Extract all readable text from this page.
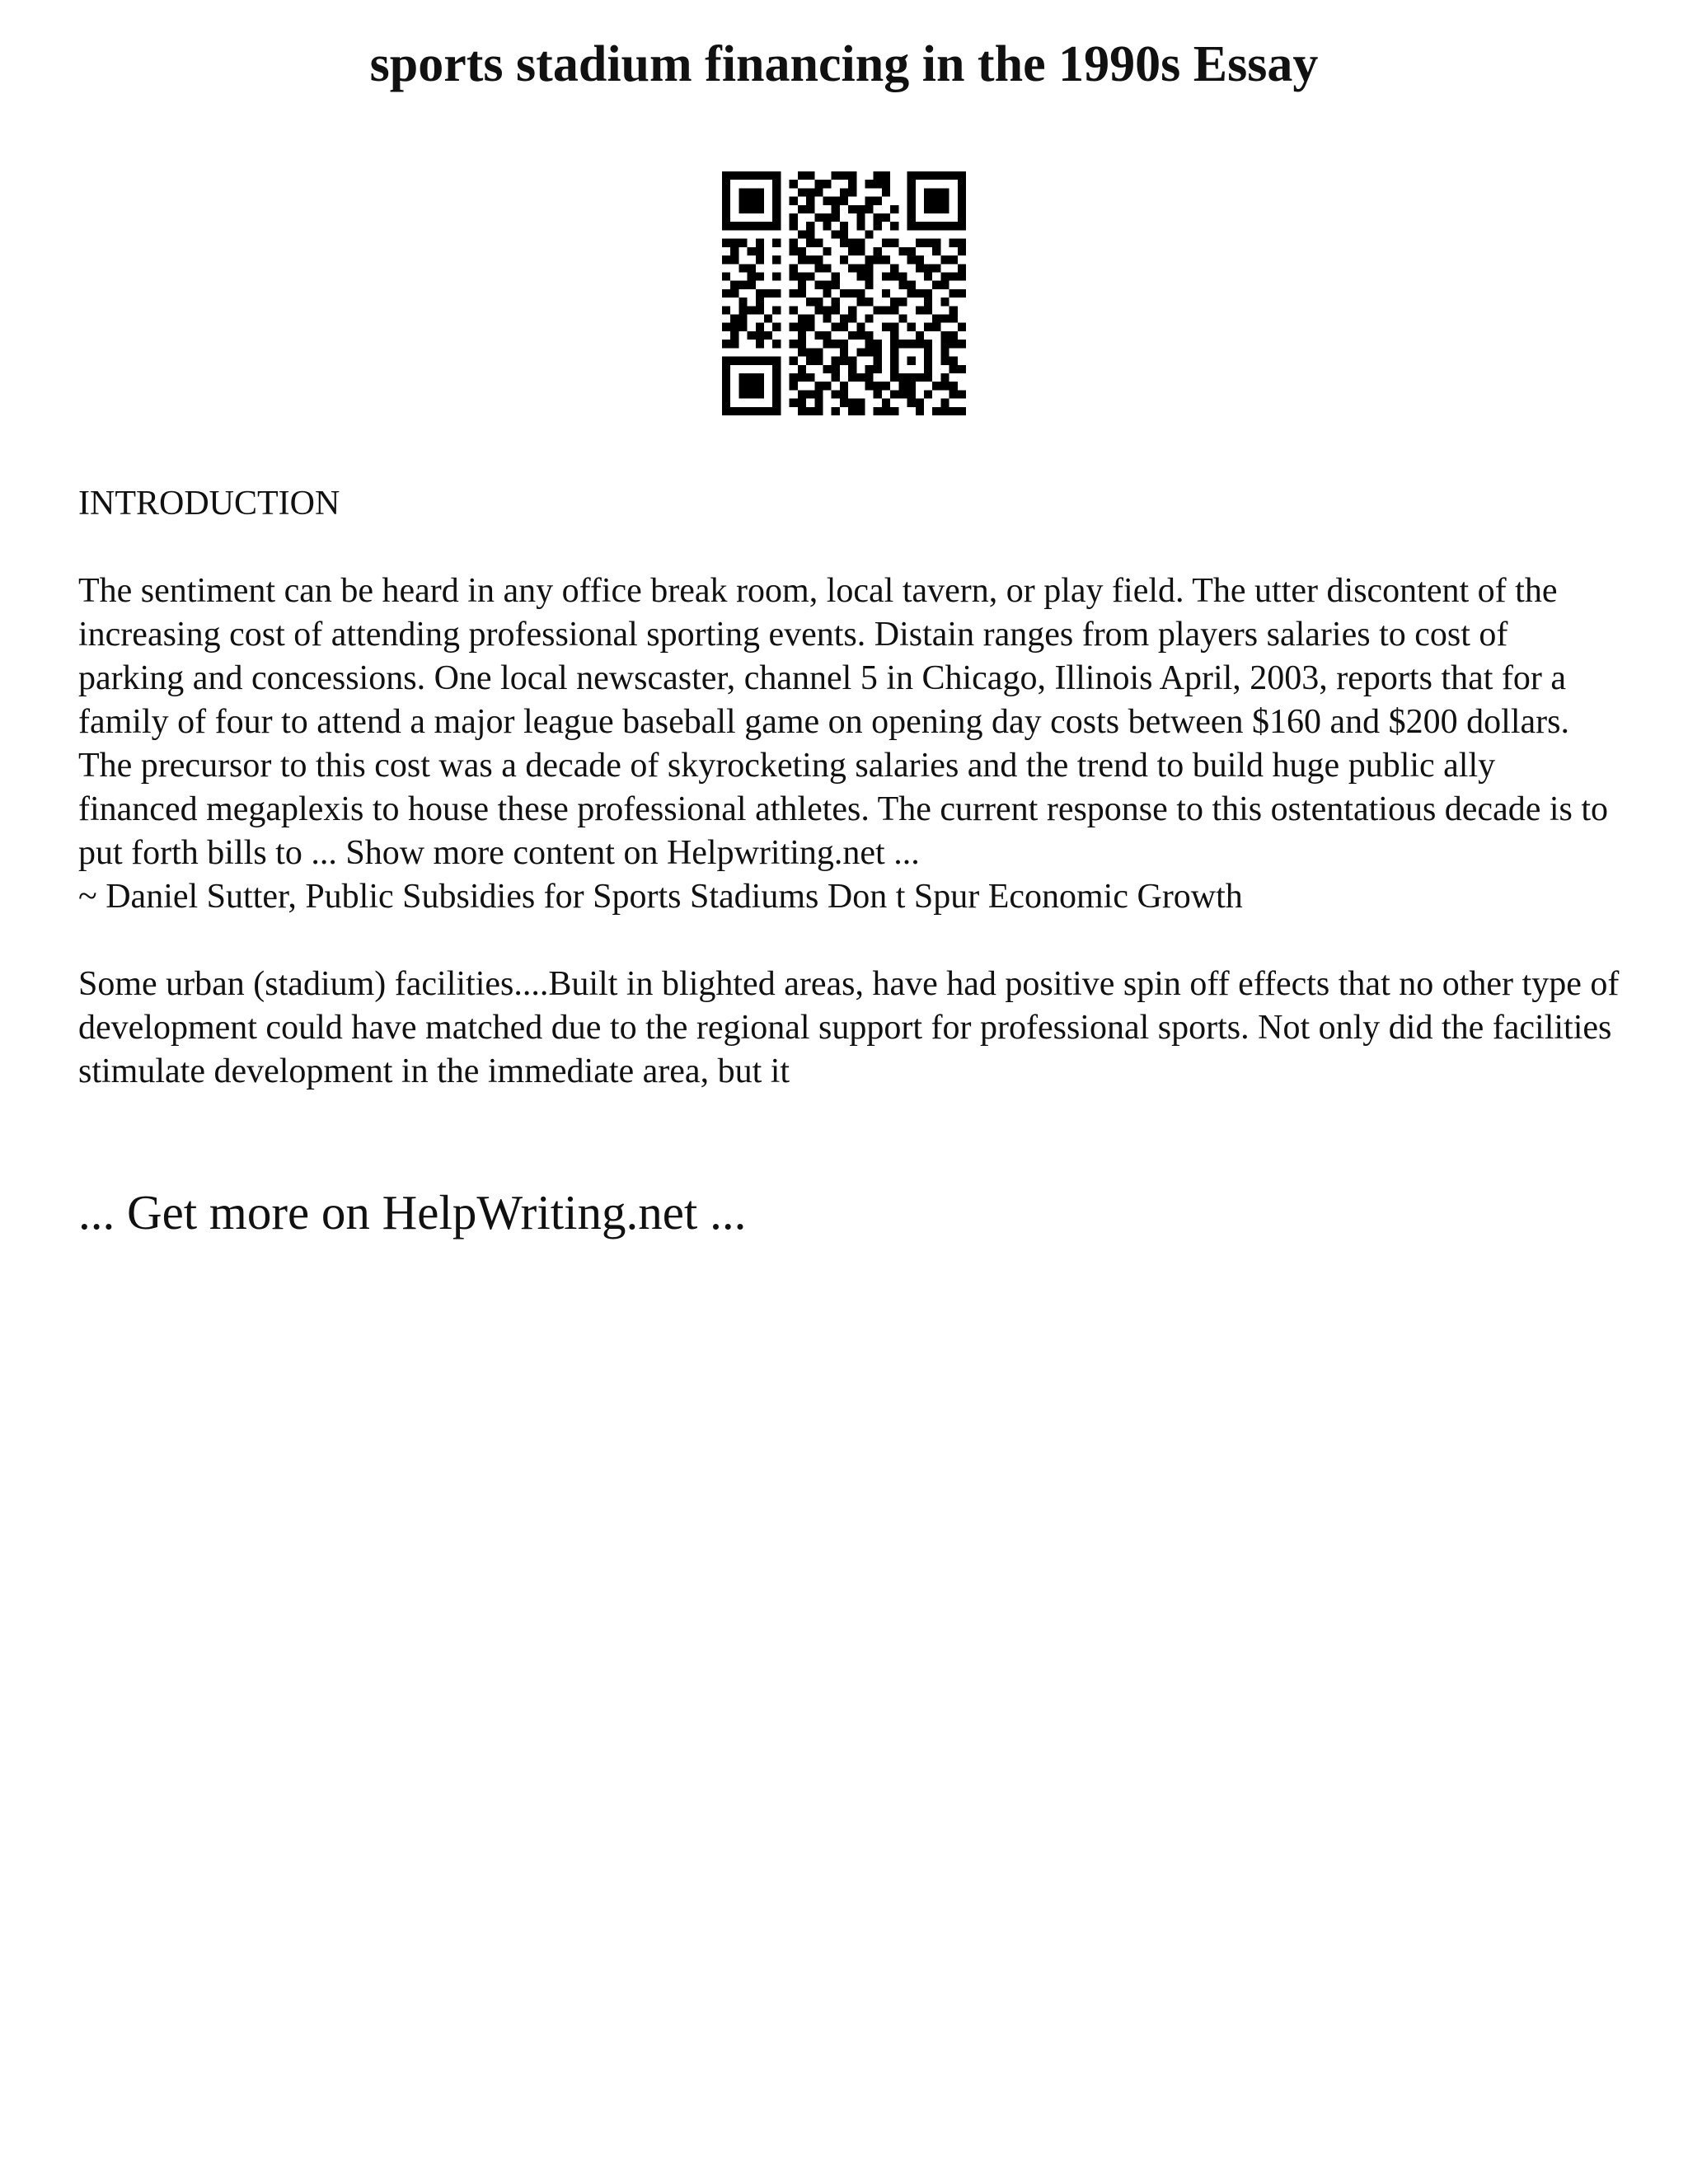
sports stadium financing in the 1990s Essay

INTRODUCTION

The sentiment can be heard in any office break room, local tavern, or play field. The utter discontent of the increasing cost of attending professional sporting events. Distain ranges from players salaries to cost of parking and concessions. One local newscaster, channel 5 in Chicago, Illinois April, 2003, reports that for a family of four to attend a major league baseball game on opening day costs between $160 and $200 dollars.

The precursor to this cost was a decade of skyrocketing salaries and the trend to build huge public ally financed megaplexis to house these professional athletes. The current response to this ostentatious decade is to put forth bills to ... Show more content on Helpwriting.net ...

~ Daniel Sutter, Public Subsidies for Sports Stadiums Don t Spur Economic Growth

Some urban (stadium) facilities....Built in blighted areas, have had positive spin off effects that no other type of development could have matched due to the regional support for professional sports. Not only did the facilities stimulate development in the immediate area, but it

... Get more on HelpWriting.net ...
